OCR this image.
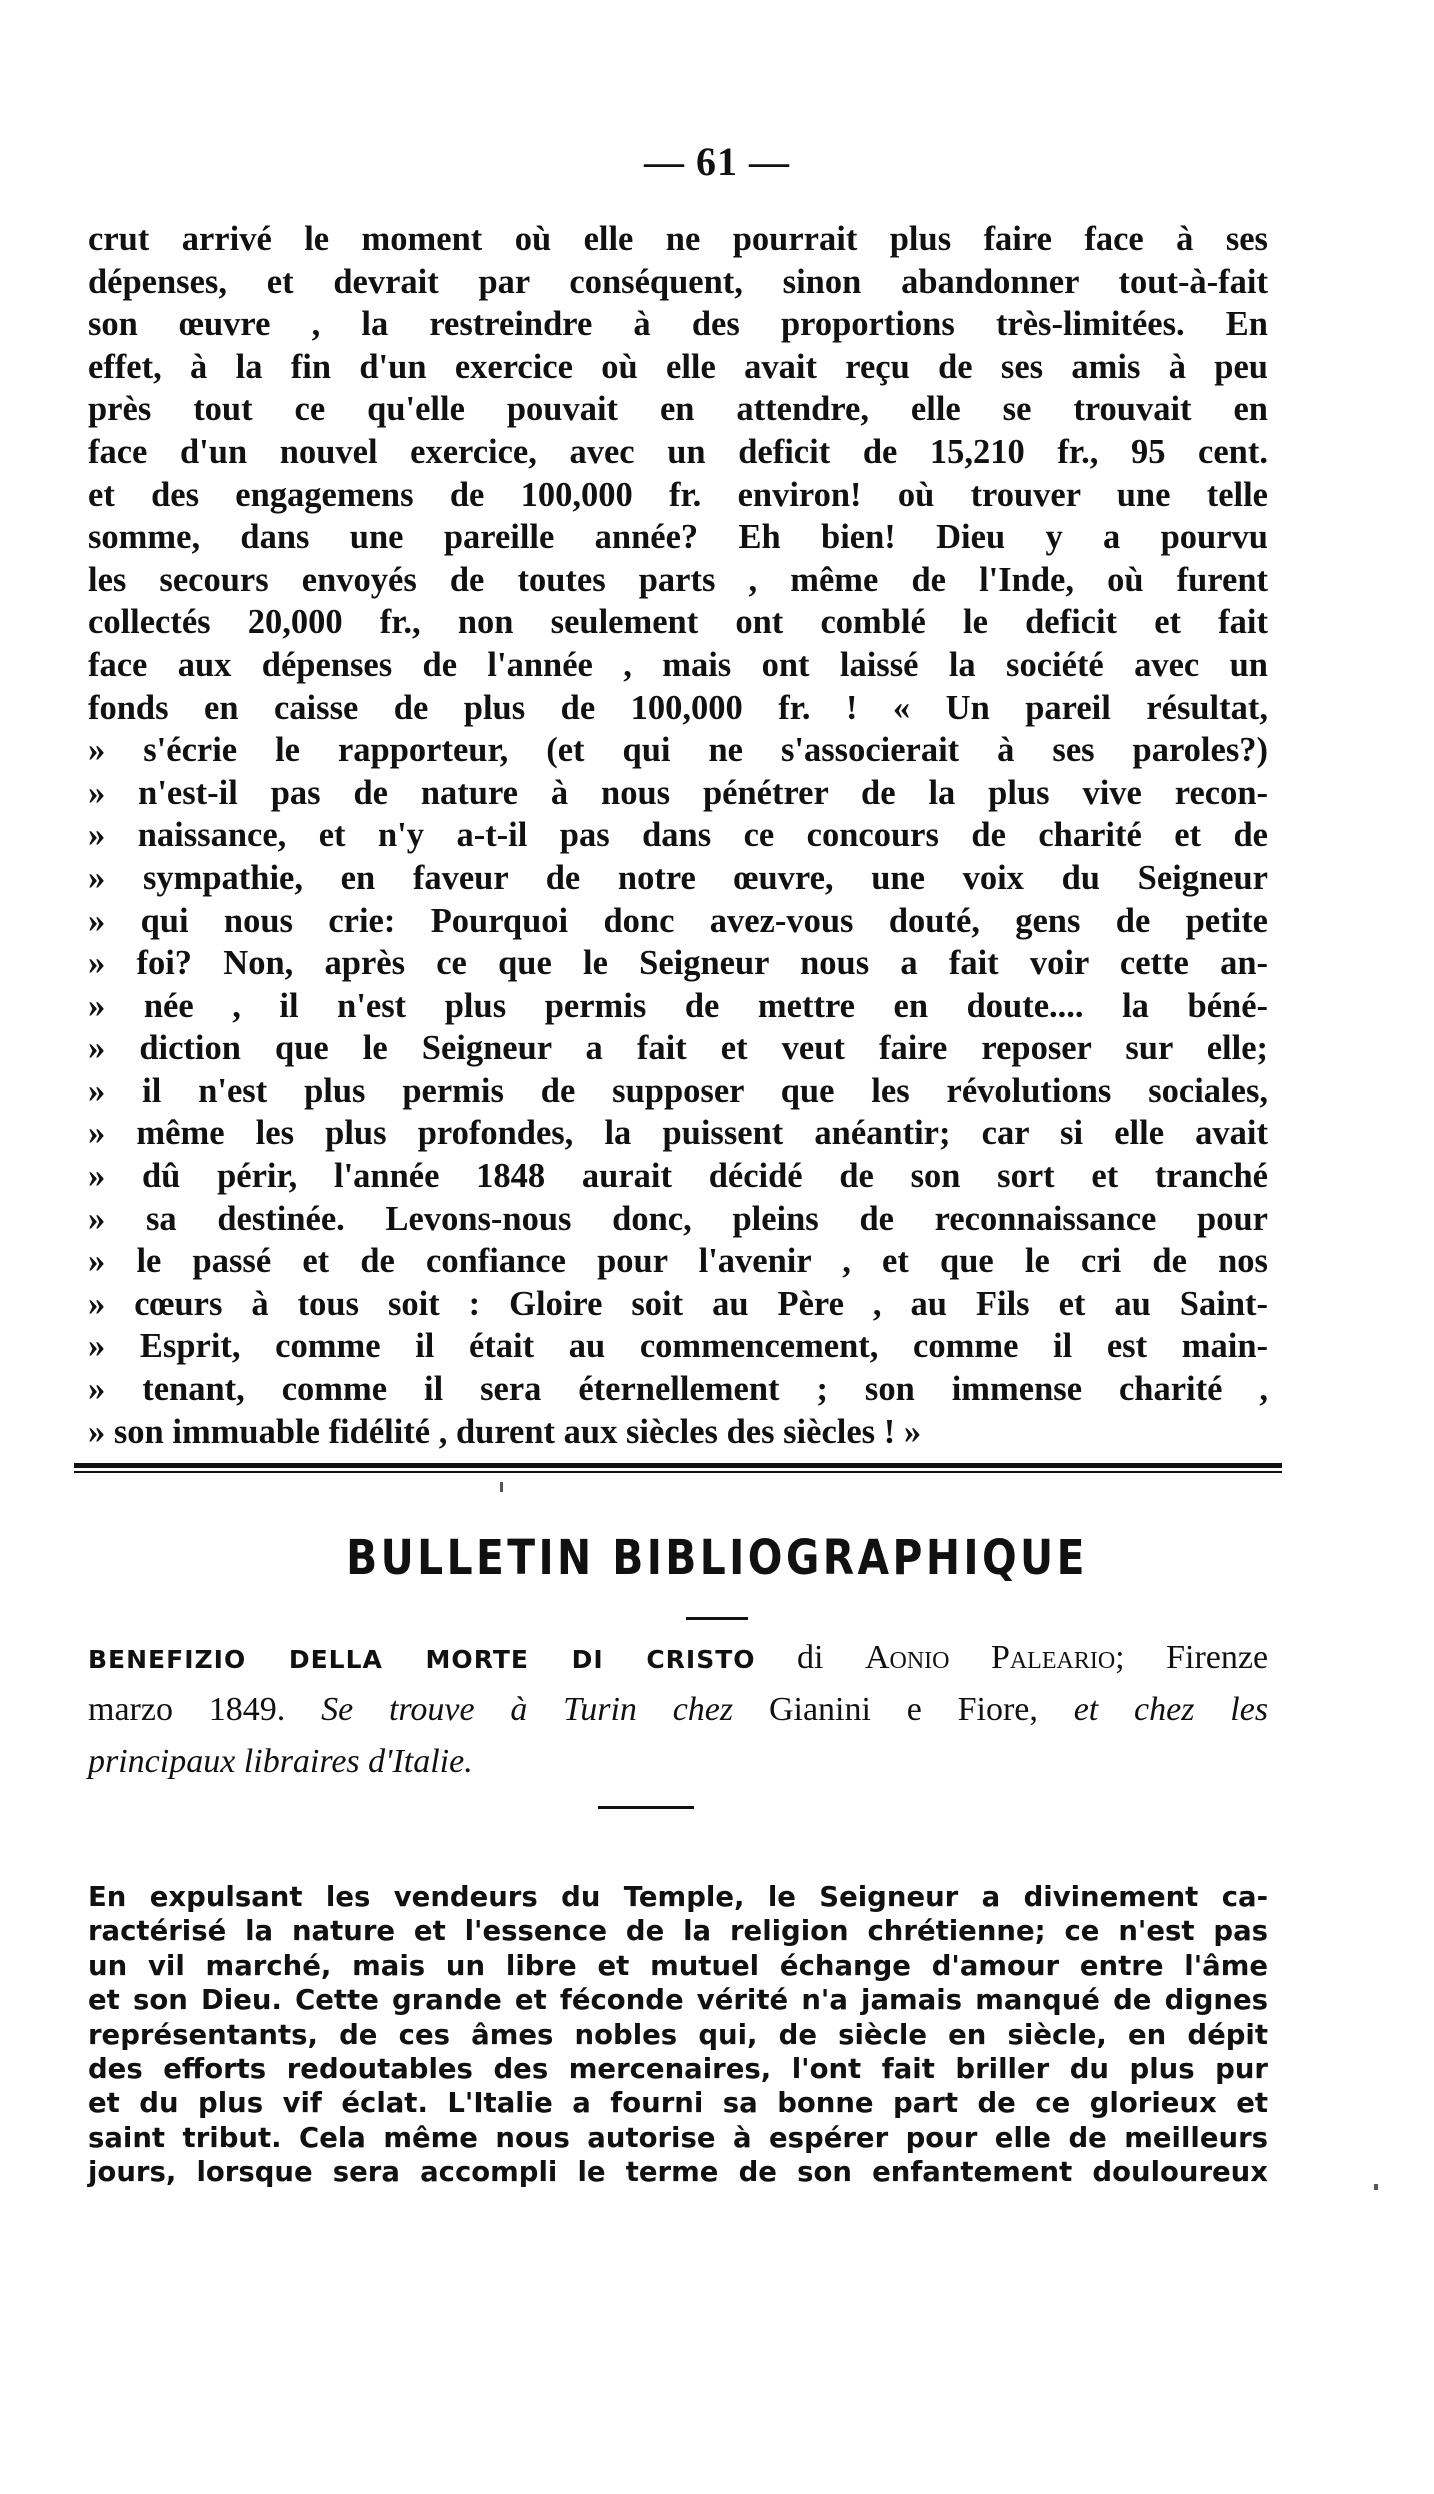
— 61 —
crut arrivé le moment où elle ne pourrait plus faire face à ses
dépenses, et devrait par conséquent, sinon abandonner tout-à-fait
son œuvre , la restreindre à des proportions très-limitées. En
effet, à la fin d'un exercice où elle avait reçu de ses amis à peu
près tout ce qu'elle pouvait en attendre, elle se trouvait en
face d'un nouvel exercice, avec un deficit de 15,210 fr., 95 cent.
et des engagemens de 100,000 fr. environ! où trouver une telle
somme, dans une pareille année? Eh bien! Dieu y a pourvu
les secours envoyés de toutes parts , même de l'Inde, où furent
collectés 20,000 fr., non seulement ont comblé le deficit et fait
face aux dépenses de l'année , mais ont laissé la société avec un
fonds en caisse de plus de 100,000 fr. ! « Un pareil résultat,
» s'écrie le rapporteur, (et qui ne s'associerait à ses paroles?)
» n'est-il pas de nature à nous pénétrer de la plus vive recon-
» naissance, et n'y a-t-il pas dans ce concours de charité et de
» sympathie, en faveur de notre œuvre, une voix du Seigneur
» qui nous crie: Pourquoi donc avez-vous douté, gens de petite
» foi? Non, après ce que le Seigneur nous a fait voir cette an-
» née , il n'est plus permis de mettre en doute.... la béné-
» diction que le Seigneur a fait et veut faire reposer sur elle;
» il n'est plus permis de supposer que les révolutions sociales,
» même les plus profondes, la puissent anéantir; car si elle avait
» dû périr, l'année 1848 aurait décidé de son sort et tranché
» sa destinée. Levons-nous donc, pleins de reconnaissance pour
» le passé et de confiance pour l'avenir , et que le cri de nos
» cœurs à tous soit : Gloire soit au Père , au Fils et au Saint-
» Esprit, comme il était au commencement, comme il est main-
» tenant, comme il sera éternellement ; son immense charité ,
» son immuable fidélité , durent aux siècles des siècles ! »
BULLETIN BIBLIOGRAPHIQUE
BENEFIZIO DELLA MORTE DI CRISTO di Aonio Paleario; Firenze
marzo 1849. Se trouve à Turin chez Gianini e Fiore, et chez les
principaux libraires d'Italie.
En expulsant les vendeurs du Temple, le Seigneur a divinement ca-
ractérisé la nature et l'essence de la religion chrétienne; ce n'est pas
un vil marché, mais un libre et mutuel échange d'amour entre l'âme
et son Dieu. Cette grande et féconde vérité n'a jamais manqué de dignes
représentants, de ces âmes nobles qui, de siècle en siècle, en dépit
des efforts redoutables des mercenaires, l'ont fait briller du plus pur
et du plus vif éclat. L'Italie a fourni sa bonne part de ce glorieux et
saint tribut. Cela même nous autorise à espérer pour elle de meilleurs
jours, lorsque sera accompli le terme de son enfantement douloureux
